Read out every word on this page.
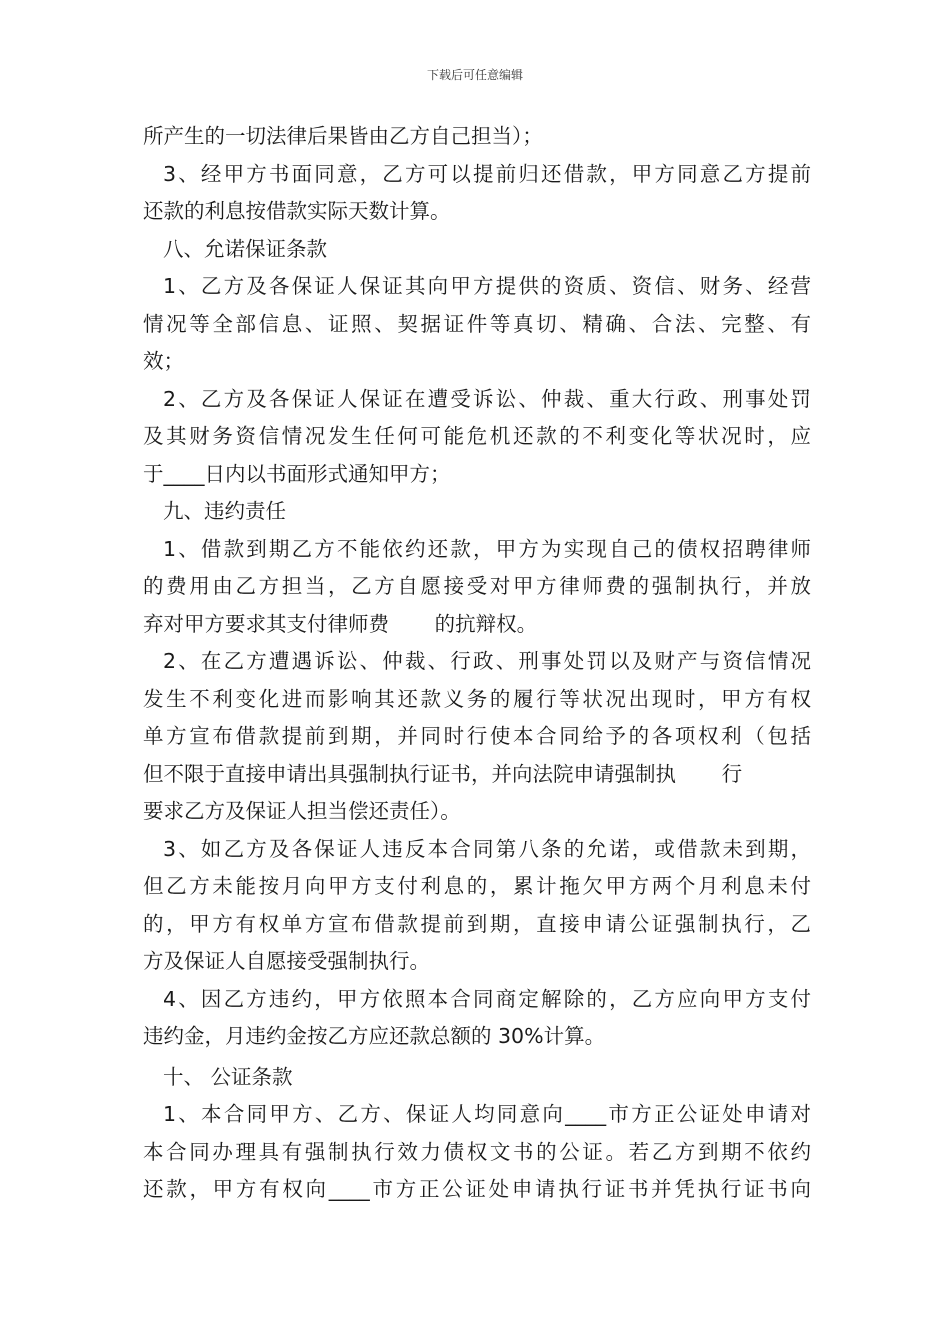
下载后可任意编辑
所产生的一切法律后果皆由乙方自己担当）；
3、经甲方书面同意，乙方可以提前归还借款，甲方同意乙方提前
还款的利息按借款实际天数计算。
八、允诺保证条款
1、乙方及各保证人保证其向甲方提供的资质、资信、财务、经营
情况等全部信息、证照、契据证件等真切、精确、合法、完整、有
效；
2、乙方及各保证人保证在遭受诉讼、仲裁、重大行政、刑事处罚
及其财务资信情况发生任何可能危机还款的不利变化等状况时，应
于____日内以书面形式通知甲方；
九、违约责任
1、借款到期乙方不能依约还款，甲方为实现自己的债权招聘律师
的费用由乙方担当，乙方自愿接受对甲方律师费的强制执行，并放
弃对甲方要求其支付律师费       的抗辩权。
2、在乙方遭遇诉讼、仲裁、行政、刑事处罚以及财产与资信情况
发生不利变化进而影响其还款义务的履行等状况出现时，甲方有权
单方宣布借款提前到期，并同时行使本合同给予的各项权利（包括
但不限于直接申请出具强制执行证书，并向法院申请强制执       行
要求乙方及保证人担当偿还责任）。
3、如乙方及各保证人违反本合同第八条的允诺，或借款未到期，
但乙方未能按月向甲方支付利息的，累计拖欠甲方两个月利息未付
的，甲方有权单方宣布借款提前到期，直接申请公证强制执行，乙
方及保证人自愿接受强制执行。
4、因乙方违约，甲方依照本合同商定解除的，乙方应向甲方支付
违约金，月违约金按乙方应还款总额的 30%计算。
十、 公证条款
1、本合同甲方、乙方、保证人均同意向____市方正公证处申请对
本合同办理具有强制执行效力债权文书的公证。若乙方到期不依约
还款，甲方有权向____市方正公证处申请执行证书并凭执行证书向
